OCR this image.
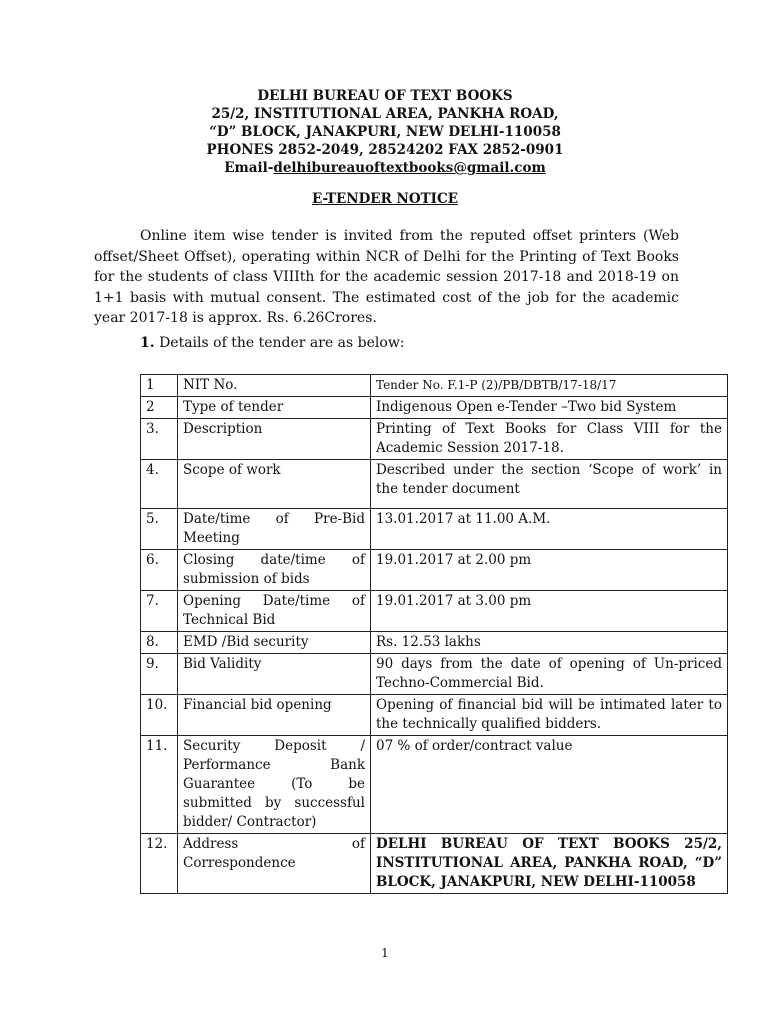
DELHI BUREAU OF TEXT BOOKS
25/2, INSTITUTIONAL AREA, PANKHA ROAD,
“D” BLOCK, JANAKPURI, NEW DELHI-110058
PHONES 2852-2049, 28524202 FAX 2852-0901
Email-delhibureauoftextbooks@gmail.com
E-TENDER NOTICE

Online item wise tender is invited from the reputed offset printers (Web offset/Sheet Offset), operating within NCR of Delhi for the Printing of Text Books for the students of class VIIIth for the academic session 2017-18 and 2018-19 on 1+1 basis with mutual consent. The estimated cost of the job for the academic year 2017-18 is approx. Rs. 6.26Crores.

1. Details of the tender are as below:
1	NIT No.	Tender No. F.1-P (2)/PB/DBTB/17-18/17
2	Type of tender	Indigenous Open e-Tender –Two bid System
3.	Description	Printing of Text Books for Class VIII for the Academic Session 2017-18.
4.	Scope of work	Described under the section ‘Scope of work’ in the tender document

5.	Date/time of Pre-Bid Meeting	13.01.2017 at 11.00 A.M.
6.	Closing date/time of submission of bids	19.01.2017 at 2.00 pm
7.	Opening Date/time of Technical Bid	19.01.2017 at 3.00 pm
8.	EMD /Bid security	Rs. 12.53 lakhs
9.	Bid Validity	90 days from the date of opening of Un-priced Techno-Commercial Bid.
10.	Financial bid opening	Opening of financial bid will be intimated later to the technically qualified bidders.
11.	Security Deposit / Performance Bank Guarantee (To be submitted by successful bidder/ Contractor)	07 % of order/contract value
12.	Address of Correspondence	DELHI BUREAU OF TEXT BOOKS 25/2, INSTITUTIONAL AREA, PANKHA ROAD, “D” BLOCK, JANAKPURI, NEW DELHI-110058
1
